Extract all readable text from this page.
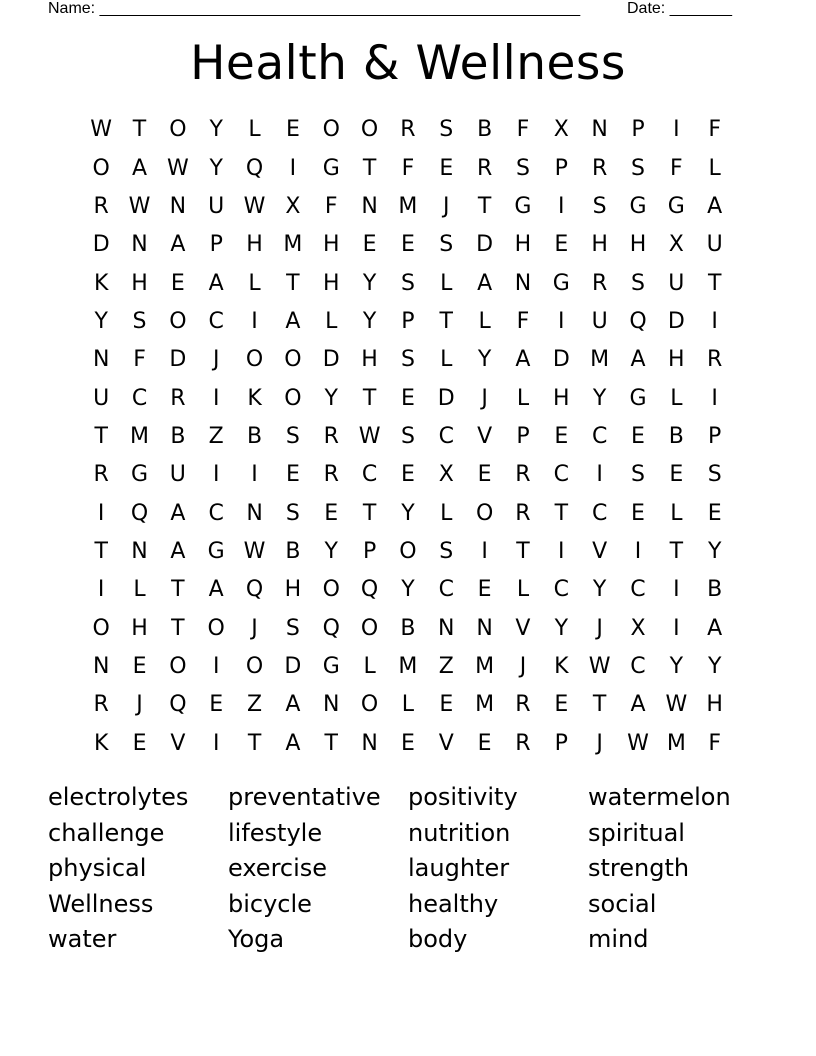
Name: ______________________________________________________	Date: _______
Health & Wellness
W T	O	Y	L	E	O O	R	S	B	F	X	N	P	I	F
O	A W Y	Q	I	G	T	F	E	R	S	P	R	S	F	L
R W N	U W X	F	N M	J	T	G	I	S	G G	A
D N	A	P	H M H	E	E	S	D H	E	H H	X	U
K	H	E	A	L	T	H	Y	S	L	A	N G	R	S	U	T
Y	S	O	C	I	A	L	Y	P	T	L	F	I	U Q D	I
N	F	D	J	O O D H	S	L	Y	A	D M A	H	R
U	C	R	I	K	O	Y	T	E	D	J	L	H	Y	G	L	I
T	M B	Z	B	S	R W S	C	V	P	E	C	E	B	P
R	G U	I	I	E	R	C	E	X	E	R	C	I	S	E	S
I	Q	A	C	N	S	E	T	Y	L	O	R	T	C	E	L	E
T	N	A	G W B	Y	P	O	S	I	T	I	V	I	T	Y
I	L	T	A	Q H O Q	Y	C	E	L	C	Y	C	I	B
O H	T	O	J	S	Q O	B	N N	V	Y	J	X	I	A
N	E	O	I	O D G	L	M Z M	J	K W C	Y	Y
R	J	Q	E	Z	A	N O	L	E M R	E	T	A W H
K	E	V	I	T	A	T	N	E	V	E	R	P	J	W M	F
electrolytes	preventative	positivity	watermelon
challenge	lifestyle	nutrition	spiritual
physical	exercise	laughter	strength
Wellness	bicycle	healthy	social
water	Yoga	body	mind
